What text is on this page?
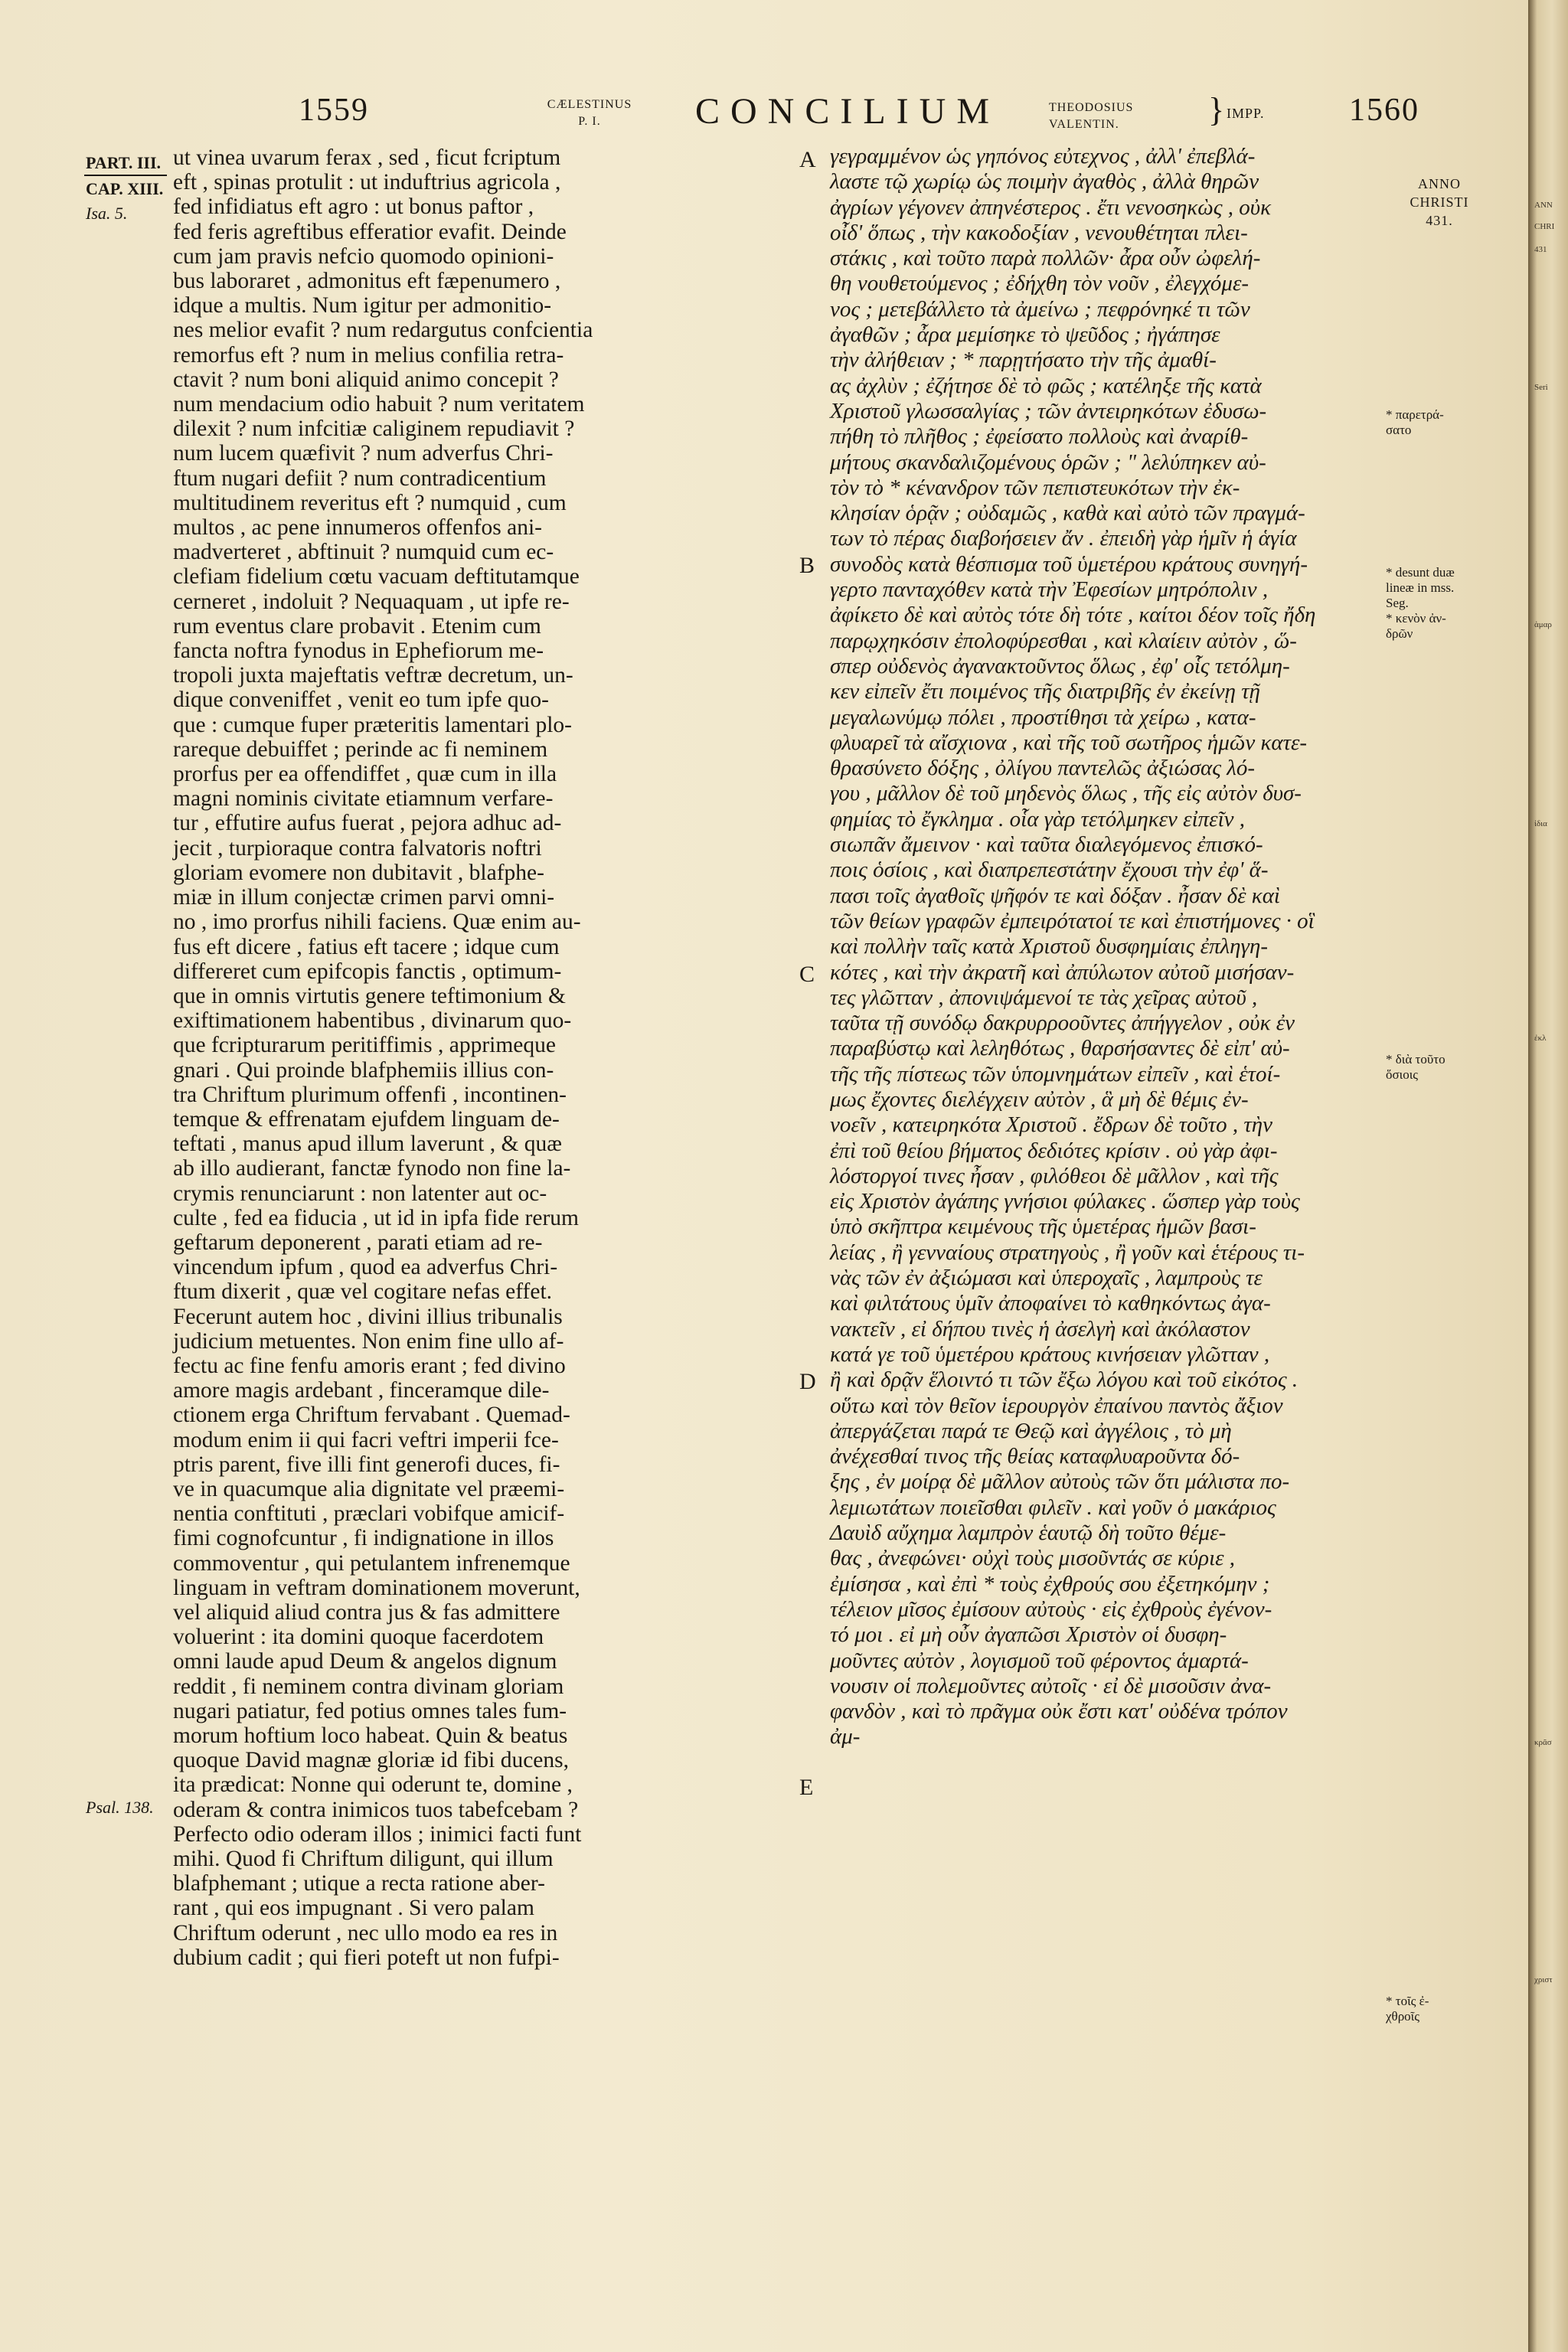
1559	CÆLESTINUS
P. I.	CONCILIUM	THEODOSIUS
VALENTIN.	} IMPP.	1560
PART. III.
CAP. XIII.
Isa. 5.
Psal. 138.
A
B
C
D
E
ANNO
CHRISTI
431.
* παρετρά-
σατο
* desunt duæ
lineæ in mss.
Seg.
* κενὸν ἀν-
δρῶν
* διὰ τοῦτο
ὅσιοις
* τοῖς ἐ-
χθροῖς
ut vinea uvarum ferax , sed , ficut fcriptum
eft , spinas protulit : ut induftrius agricola ,
fed infidiatus eft agro : ut bonus paftor ,
fed feris agreftibus efferatior evafit. Deinde
cum jam pravis nefcio quomodo opinioni-
bus laboraret , admonitus eft fæpenumero ,
idque a multis. Num igitur per admonitio-
nes melior evafit ? num redargutus confcientia
remorfus eft ? num in melius confilia retra-
ctavit ? num boni aliquid animo concepit ?
num mendacium odio habuit ? num veritatem
dilexit ? num infcitiæ caliginem repudiavit ?
num lucem quæfivit ? num adverfus Chri-
ftum nugari defiit ? num contradicentium
multitudinem reveritus eft ? numquid , cum
multos , ac pene innumeros offenfos ani-
madverteret , abftinuit ? numquid cum ec-
clefiam fidelium cœtu vacuam deftitutamque
cerneret , indoluit ? Nequaquam , ut ipfe re-
rum eventus clare probavit . Etenim cum
fancta noftra fynodus in Ephefiorum me-
tropoli juxta majeftatis veftræ decretum, un-
dique conveniffet , venit eo tum ipfe quo-
que : cumque fuper præteritis lamentari plo-
rareque debuiffet ; perinde ac fi neminem
prorfus per ea offendiffet , quæ cum in illa
magni nominis civitate etiamnum verfare-
tur , effutire aufus fuerat , pejora adhuc ad-
jecit , turpioraque contra falvatoris noftri
gloriam evomere non dubitavit , blafphe-
miæ in illum conjectæ crimen parvi omni-
no , imo prorfus nihili faciens. Quæ enim au-
fus eft dicere , fatius eft tacere ; idque cum
differeret cum epifcopis fanctis , optimum-
que in omnis virtutis genere teftimonium &
exiftimationem habentibus , divinarum quo-
que fcripturarum peritiffimis , apprimeque
gnari . Qui proinde blafphemiis illius con-
tra Chriftum plurimum offenfi , incontinen-
temque & effrenatam ejufdem linguam de-
teftati , manus apud illum laverunt , & quæ
ab illo audierant, fanctæ fynodo non fine la-
crymis renunciarunt : non latenter aut oc-
culte , fed ea fiducia , ut id in ipfa fide rerum
geftarum deponerent , parati etiam ad re-
vincendum ipfum , quod ea adverfus Chri-
ftum dixerit , quæ vel cogitare nefas effet.
Fecerunt autem hoc , divini illius tribunalis
judicium metuentes. Non enim fine ullo af-
fectu ac fine fenfu amoris erant ; fed divino
amore magis ardebant , finceramque dile-
ctionem erga Chriftum fervabant . Quemad-
modum enim ii qui facri veftri imperii fce-
ptris parent, five illi fint generofi duces, fi-
ve in quacumque alia dignitate vel præemi-
nentia conftituti , præclari vobifque amicif-
fimi cognofcuntur , fi indignatione in illos
commoventur , qui petulantem infrenemque
linguam in veftram dominationem moverunt,
vel aliquid aliud contra jus & fas admittere
voluerint : ita domini quoque facerdotem
omni laude apud Deum & angelos dignum
reddit , fi neminem contra divinam gloriam
nugari patiatur, fed potius omnes tales fum-
morum hoftium loco habeat. Quin & beatus
quoque David magnæ gloriæ id fibi ducens,
ita prædicat: Nonne qui oderunt te, domine ,
oderam & contra inimicos tuos tabefcebam ?
Perfecto odio oderam illos ; inimici facti funt
mihi. Quod fi Chriftum diligunt, qui illum
blafphemant ; utique a recta ratione aber-
rant , qui eos impugnant . Si vero palam
Chriftum oderunt , nec ullo modo ea res in
dubium cadit ; qui fieri poteft ut non fufpi-
γεγραμμένον ὡς γηπόνος εὐτεχνος , ἀλλ' ἐπεβλά-
λαστε τῷ χωρίῳ ὡς ποιμὴν ἀγαθὸς , ἀλλὰ θηρῶν
ἀγρίων γέγονεν ἀπηνέστερος . ἔτι νενοσηκὼς , οὐκ
οἶδ' ὅπως , τὴν κακοδοξίαν , νενουθέτηται πλει-
στάκις , καὶ τοῦτο παρὰ πολλῶν· ἆρα οὖν ὠφελή-
θη νουθετούμενος ; ἐδήχθη τὸν νοῦν , ἐλεγχόμε-
νος ; μετεβάλλετο τὰ ἀμείνω ; πεφρόνηκέ τι τῶν
ἀγαθῶν ; ἆρα μεμίσηκε τὸ ψεῦδος ; ἠγάπησε
τὴν ἀλήθειαν ; * παρῃτήσατο τὴν τῆς ἀμαθί-
ας ἀχλὺν ; ἐζήτησε δὲ τὸ φῶς ; κατέληξε τῆς κατὰ
Χριστοῦ γλωσσαλγίας ; τῶν ἀντειρηκότων ἐδυσω-
πήθη τὸ πλῆθος ; ἐφείσατο πολλοὺς καὶ ἀναρίθ-
μήτους σκανδαλιζομένους ὁρῶν ; " λελύπηκεν αὐ-
τὸν τὸ * κένανδρον τῶν πεπιστευκότων τὴν ἐκ-
κλησίαν ὁρᾷν ; οὐδαμῶς , καθὰ καὶ αὐτὸ τῶν πραγμά-
των τὸ πέρας διαβοήσειεν ἄν . ἐπειδὴ γὰρ ἡμῖν ἡ ἁγία
συνοδὸς κατὰ θέσπισμα τοῦ ὑμετέρου κράτους συνηγή-
γερτο πανταχόθεν κατὰ τὴν Ἐφεσίων μητρόπολιν ,
ἀφίκετο δὲ καὶ αὐτὸς τότε δὴ τότε , καίτοι δέον τοῖς ἤδη
παρῳχηκόσιν ἐπολοφύρεσθαι , καὶ κλαίειν αὐτὸν , ὥ-
σπερ οὐδενὸς ἀγανακτοῦντος ὅλως , ἐφ' οἷς τετόλμη-
κεν εἰπεῖν ἔτι ποιμένος τῆς διατριβῆς ἐν ἐκείνῃ τῇ
μεγαλωνύμῳ πόλει , προστίθησι τὰ χείρω , κατα-
φλυαρεῖ τὰ αἴσχιονα , καὶ τῆς τοῦ σωτῆρος ἡμῶν κατε-
θρασύνετο δόξης , ὀλίγου παντελῶς ἀξιώσας λό-
γου , μᾶλλον δὲ τοῦ μηδενὸς ὅλως , τῆς εἰς αὐτὸν δυσ-
φημίας τὸ ἔγκλημα . οἷα γὰρ τετόλμηκεν εἰπεῖν ,
σιωπᾶν ἄμεινον · καὶ ταῦτα διαλεγόμενος ἐπισκό-
ποις ὁσίοις , καὶ διαπρεπεστάτην ἔχουσι τὴν ἐφ' ἅ-
πασι τοῖς ἀγαθοῖς ψῆφόν τε καὶ δόξαν . ἦσαν δὲ καὶ
τῶν θείων γραφῶν ἐμπειρότατοί τε καὶ ἐπιστήμονες · οἳ
καὶ πολλὴν ταῖς κατὰ Χριστοῦ δυσφημίαις ἐπληγη-
κότες , καὶ τὴν ἀκρατῆ καὶ ἀπύλωτον αὐτοῦ μισήσαν-
τες γλῶτταν , ἀπονιψάμενοί τε τὰς χεῖρας αὐτοῦ ,
ταῦτα τῇ συνόδῳ δακρυρροοῦντες ἀπήγγελον , οὐκ ἐν
παραβύστῳ καὶ λεληθότως , θαρσήσαντες δὲ εἰπ' αὐ-
τῆς τῆς πίστεως τῶν ὑπομνημάτων εἰπεῖν , καὶ ἑτοί-
μως ἔχοντες διελέγχειν αὐτὸν , ἃ μὴ δὲ θέμις ἐν-
νοεῖν , κατειρηκότα Χριστοῦ . ἔδρων δὲ τοῦτο , τὴν
ἐπὶ τοῦ θείου βήματος δεδιότες κρίσιν . οὐ γὰρ ἀφι-
λόστοργοί τινες ἦσαν , φιλόθεοι δὲ μᾶλλον , καὶ τῆς
εἰς Χριστὸν ἀγάπης γνήσιοι φύλακες . ὥσπερ γὰρ τοὺς
ὑπὸ σκῆπτρα κειμένους τῆς ὑμετέρας ἡμῶν βασι-
λείας , ἢ γενναίους στρατηγοὺς , ἢ γοῦν καὶ ἑτέρους τι-
νὰς τῶν ἐν ἀξιώμασι καὶ ὑπεροχαῖς , λαμπροὺς τε
καὶ φιλτάτους ὑμῖν ἀποφαίνει τὸ καθηκόντως ἀγα-
νακτεῖν , εἰ δήπου τινὲς ἡ ἀσελγὴ καὶ ἀκόλαστον
κατά γε τοῦ ὑμετέρου κράτους κινήσειαν γλῶτταν ,
ἢ καὶ δρᾷν ἕλοιντό τι τῶν ἔξω λόγου καὶ τοῦ εἰκότος .
οὕτω καὶ τὸν θεῖον ἱερουργὸν ἐπαίνου παντὸς ἄξιον
ἀπεργάζεται παρά τε Θεῷ καὶ ἀγγέλοις , τὸ μὴ
ἀνέχεσθαί τινος τῆς θείας καταφλυαροῦντα δό-
ξης , ἐν μοίρᾳ δὲ μᾶλλον αὐτοὺς τῶν ὅτι μάλιστα πο-
λεμιωτάτων ποιεῖσθαι φιλεῖν . καὶ γοῦν ὁ μακάριος
Δαυὶδ αὔχημα λαμπρὸν ἑαυτῷ δὴ τοῦτο θέμε-
θας , ἀνεφώνει· οὐχὶ τοὺς μισοῦντάς σε κύριε ,
ἐμίσησα , καὶ ἐπὶ * τοὺς ἐχθρούς σου ἐξετηκόμην ;
τέλειον μῖσος ἐμίσουν αὐτοὺς · εἰς ἐχθροὺς ἐγένον-
τό μοι . εἰ μὴ οὖν ἀγαπῶσι Χριστὸν οἱ δυσφη-
μοῦντες αὐτὸν , λογισμοῦ τοῦ φέροντος ἁμαρτά-
νουσιν οἱ πολεμοῦντες αὐτοῖς · εἰ δὲ μισοῦσιν ἀνα-
φανδὸν , καὶ τὸ πρᾶγμα οὐκ ἔστι κατ' οὐδένα τρόπον
ἀμ-
ANN
CHRI
431
Seri
ἁμαρ
ἰδια
ἐκλ
κρᾶσ
χριστ
